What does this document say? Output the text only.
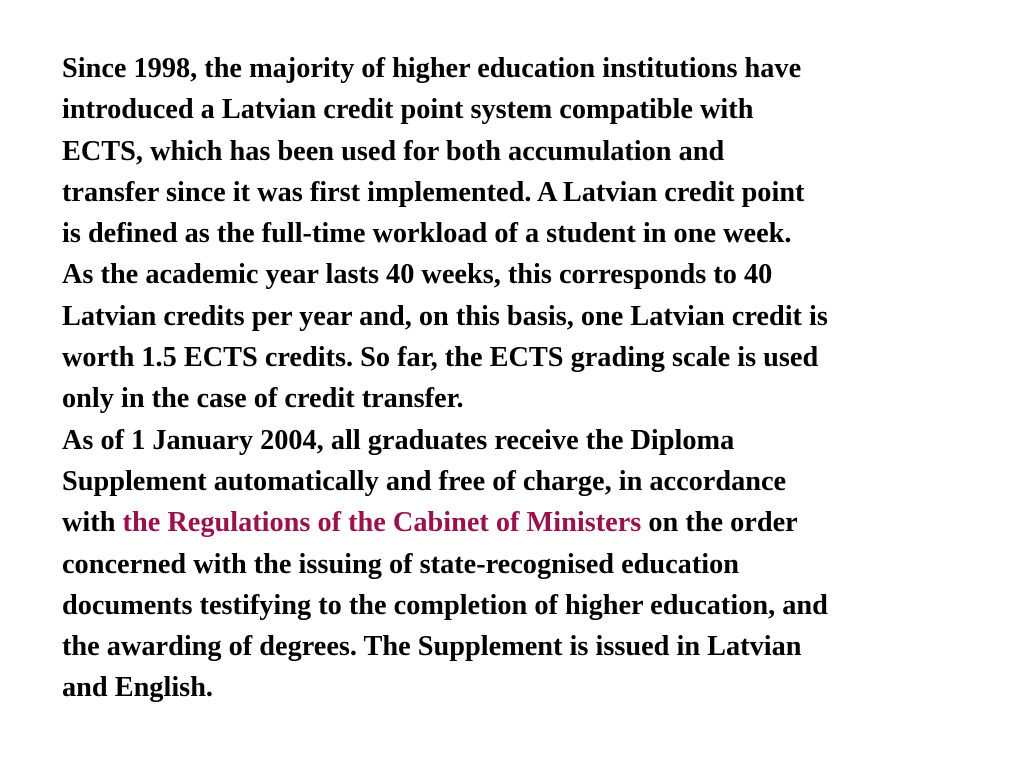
Since 1998, the majority of higher education institutions have
introduced a Latvian credit point system compatible with
ECTS, which has been used for both accumulation and
transfer since it was first implemented. A Latvian credit point
is defined as the full-time workload of a student in one week.
As the academic year lasts 40 weeks, this corresponds to 40
Latvian credits per year and, on this basis, one Latvian credit is
worth 1.5 ECTS credits. So far, the ECTS grading scale is used
only in the case of credit transfer.

As of 1 January 2004, all graduates receive the Diploma
Supplement automatically and free of charge, in accordance
with the Regulations of the Cabinet of Ministers on the order
concerned with the issuing of state-recognised education
documents testifying to the completion of higher education, and
the awarding of degrees. The Supplement is issued in Latvian
and English.
